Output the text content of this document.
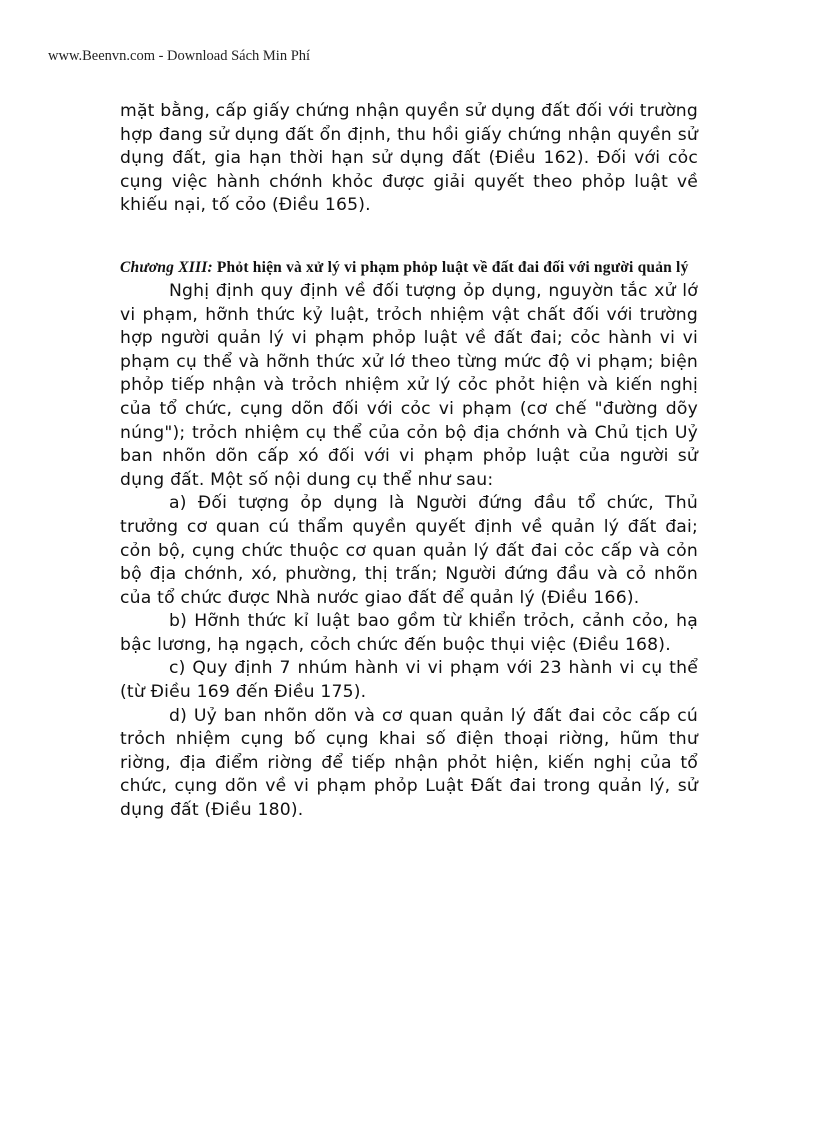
www.Beenvn.com - Download Sách Min Phí

mặt bằng, cấp giấy chứng nhận quyền sử dụng đất đối với trường hợp đang sử dụng đất ổn định, thu hồi giấy chứng nhận quyền sử dụng đất, gia hạn thời hạn sử dụng đất (Điều 162). Đối với cỏc cụng việc hành chớnh khỏc được giải quyết theo phỏp luật về khiếu nại, tố cỏo (Điều 165).

Chương XIII: Phỏt hiện và xử lý vi phạm phỏp luật về đất đai đối với người quản lý

Nghị định quy định về đối tượng ỏp dụng, nguyờn tắc xử lớ vi phạm, hỡnh thức kỷ luật, trỏch nhiệm vật chất đối với trường hợp người quản lý vi phạm phỏp luật về đất đai; cỏc hành vi vi phạm cụ thể và hỡnh thức xử lớ theo từng mức độ vi phạm; biện phỏp tiếp nhận và trỏch nhiệm xử lý cỏc phỏt hiện và kiến nghị của tổ chức, cụng dõn đối với cỏc vi phạm (cơ chế "đường dõy núng"); trỏch nhiệm cụ thể của cỏn bộ địa chớnh và Chủ tịch Uỷ ban nhõn dõn cấp xó đối với vi phạm phỏp luật của người sử dụng đất. Một số nội dung cụ thể như sau:

a) Đối tượng ỏp dụng là Người đứng đầu tổ chức, Thủ trưởng cơ quan cú thẩm quyền quyết định về quản lý đất đai; cỏn bộ, cụng chức thuộc cơ quan quản lý đất đai cỏc cấp và cỏn bộ địa chớnh, xó, phường, thị trấn; Người đứng đầu và cỏ nhõn của tổ chức được Nhà nước giao đất để quản lý (Điều 166).

b) Hỡnh thức kỉ luật bao gồm từ khiển trỏch, cảnh cỏo, hạ bậc lương, hạ ngạch, cỏch chức đến buộc thụi việc (Điều 168).

c) Quy định 7 nhúm hành vi vi phạm với 23 hành vi cụ thể (từ Điều 169 đến Điều 175).

d) Uỷ ban nhõn dõn và cơ quan quản lý đất đai cỏc cấp cú trỏch nhiệm cụng bố cụng khai số điện thoại riờng, hũm thư riờng, địa điểm riờng để tiếp nhận phỏt hiện, kiến nghị của tổ chức, cụng dõn về vi phạm phỏp Luật Đất đai trong quản lý, sử dụng đất (Điều 180).
